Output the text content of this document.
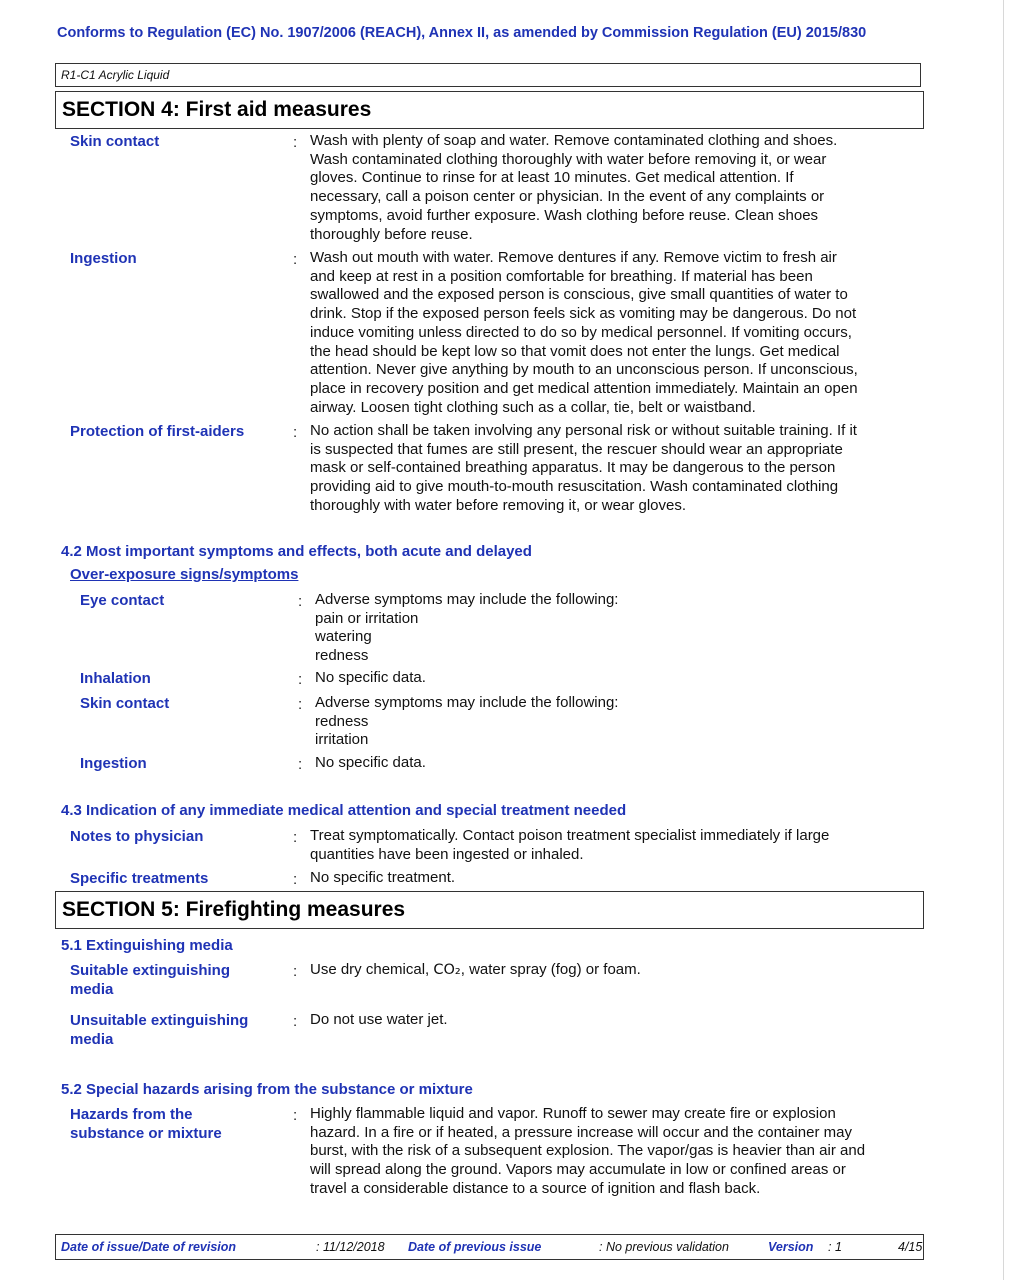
Conforms to Regulation (EC) No. 1907/2006 (REACH), Annex II, as amended by Commission Regulation (EU) 2015/830
R1-C1 Acrylic Liquid
SECTION 4: First aid measures
Skin contact	: Wash with plenty of soap and water. Remove contaminated clothing and shoes.
Wash contaminated clothing thoroughly with water before removing it, or wear
gloves. Continue to rinse for at least 10 minutes. Get medical attention. If
necessary, call a poison center or physician. In the event of any complaints or
symptoms, avoid further exposure. Wash clothing before reuse. Clean shoes
thoroughly before reuse.
Ingestion	: Wash out mouth with water. Remove dentures if any. Remove victim to fresh air
and keep at rest in a position comfortable for breathing. If material has been
swallowed and the exposed person is conscious, give small quantities of water to
drink. Stop if the exposed person feels sick as vomiting may be dangerous. Do not
induce vomiting unless directed to do so by medical personnel. If vomiting occurs,
the head should be kept low so that vomit does not enter the lungs. Get medical
attention. Never give anything by mouth to an unconscious person. If unconscious,
place in recovery position and get medical attention immediately. Maintain an open
airway. Loosen tight clothing such as a collar, tie, belt or waistband.
Protection of first-aiders	: No action shall be taken involving any personal risk or without suitable training. If it
is suspected that fumes are still present, the rescuer should wear an appropriate
mask or self-contained breathing apparatus. It may be dangerous to the person
providing aid to give mouth-to-mouth resuscitation. Wash contaminated clothing
thoroughly with water before removing it, or wear gloves.
4.2 Most important symptoms and effects, both acute and delayed
Over-exposure signs/symptoms
Eye contact	: Adverse symptoms may include the following:
pain or irritation
watering
redness
Inhalation	: No specific data.
Skin contact	: Adverse symptoms may include the following:
redness
irritation
Ingestion	: No specific data.
4.3 Indication of any immediate medical attention and special treatment needed
Notes to physician	: Treat symptomatically. Contact poison treatment specialist immediately if large
quantities have been ingested or inhaled.
Specific treatments	: No specific treatment.
SECTION 5: Firefighting measures
5.1 Extinguishing media
Suitable extinguishing
media
: Use dry chemical, CO₂, water spray (fog) or foam.
Unsuitable extinguishing
media
: Do not use water jet.
5.2 Special hazards arising from the substance or mixture
Hazards from the
substance or mixture
: Highly flammable liquid and vapor. Runoff to sewer may create fire or explosion
hazard. In a fire or if heated, a pressure increase will occur and the container may
burst, with the risk of a subsequent explosion. The vapor/gas is heavier than air and
will spread along the ground. Vapors may accumulate in low or confined areas or
travel a considerable distance to a source of ignition and flash back.
Date of issue/Date of revision	: 11/12/2018 Date of previous issue	: No previous validation	Version : 1	4/15
